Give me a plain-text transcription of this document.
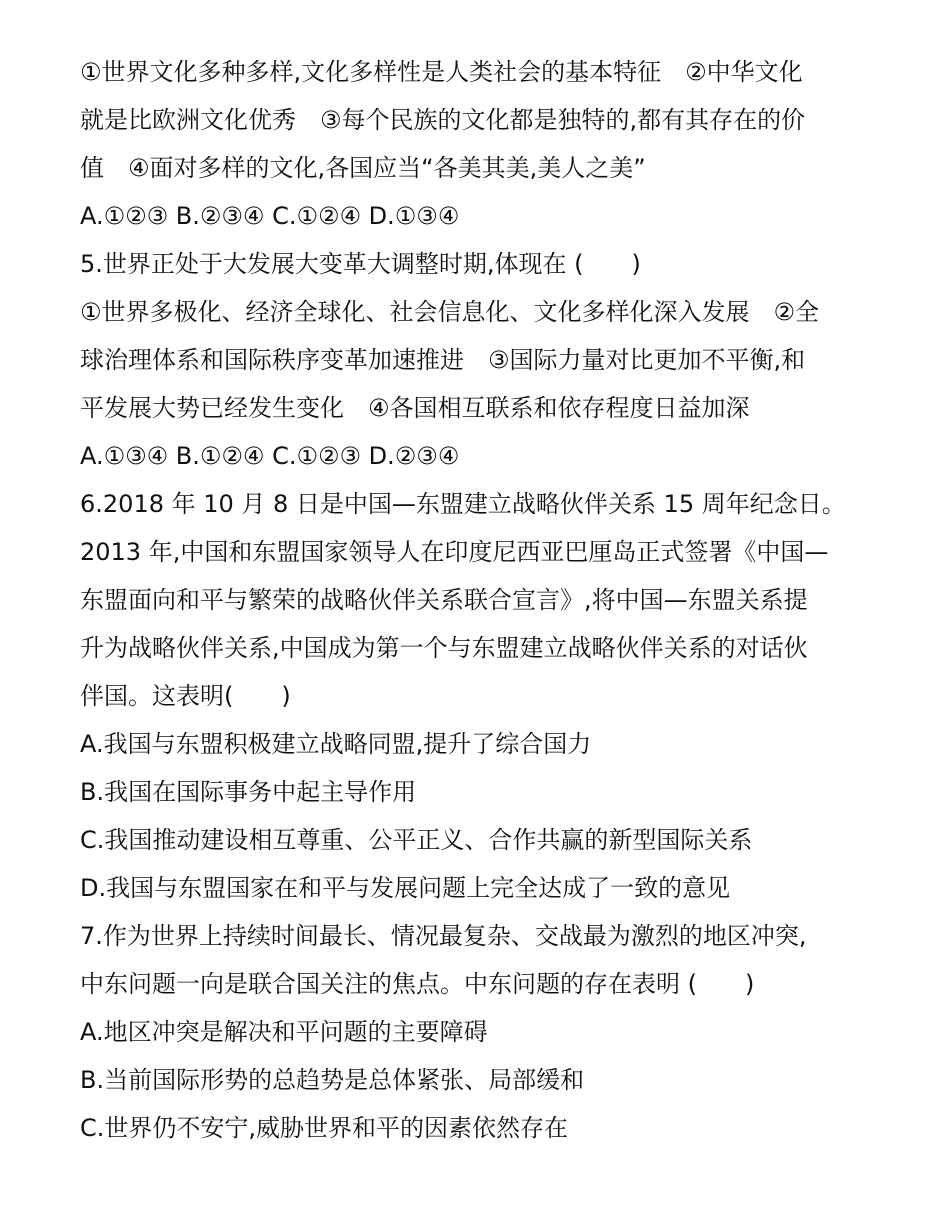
①世界文化多种多样,文化多样性是人类社会的基本特征　②中华文化

就是比欧洲文化优秀　③每个民族的文化都是独特的,都有其存在的价

值　④面对多样的文化,各国应当“各美其美,美人之美”

A.①②③ B.②③④ C.①②④ D.①③④

5.世界正处于大发展大变革大调整时期,体现在 (　　)

①世界多极化、经济全球化、社会信息化、文化多样化深入发展　②全

球治理体系和国际秩序变革加速推进　③国际力量对比更加不平衡,和

平发展大势已经发生变化　④各国相互联系和依存程度日益加深

A.①③④ B.①②④ C.①②③ D.②③④

6.2018 年 10 月 8 日是中国—东盟建立战略伙伴关系 15 周年纪念日。

2013 年,中国和东盟国家领导人在印度尼西亚巴厘岛正式签署《中国—

东盟面向和平与繁荣的战略伙伴关系联合宣言》,将中国—东盟关系提

升为战略伙伴关系,中国成为第一个与东盟建立战略伙伴关系的对话伙

伴国。这表明(　　)

A.我国与东盟积极建立战略同盟,提升了综合国力

B.我国在国际事务中起主导作用

C.我国推动建设相互尊重、公平正义、合作共赢的新型国际关系

D.我国与东盟国家在和平与发展问题上完全达成了一致的意见

7.作为世界上持续时间最长、情况最复杂、交战最为激烈的地区冲突,

中东问题一向是联合国关注的焦点。中东问题的存在表明 (　　)

A.地区冲突是解决和平问题的主要障碍

B.当前国际形势的总趋势是总体紧张、局部缓和

C.世界仍不安宁,威胁世界和平的因素依然存在
